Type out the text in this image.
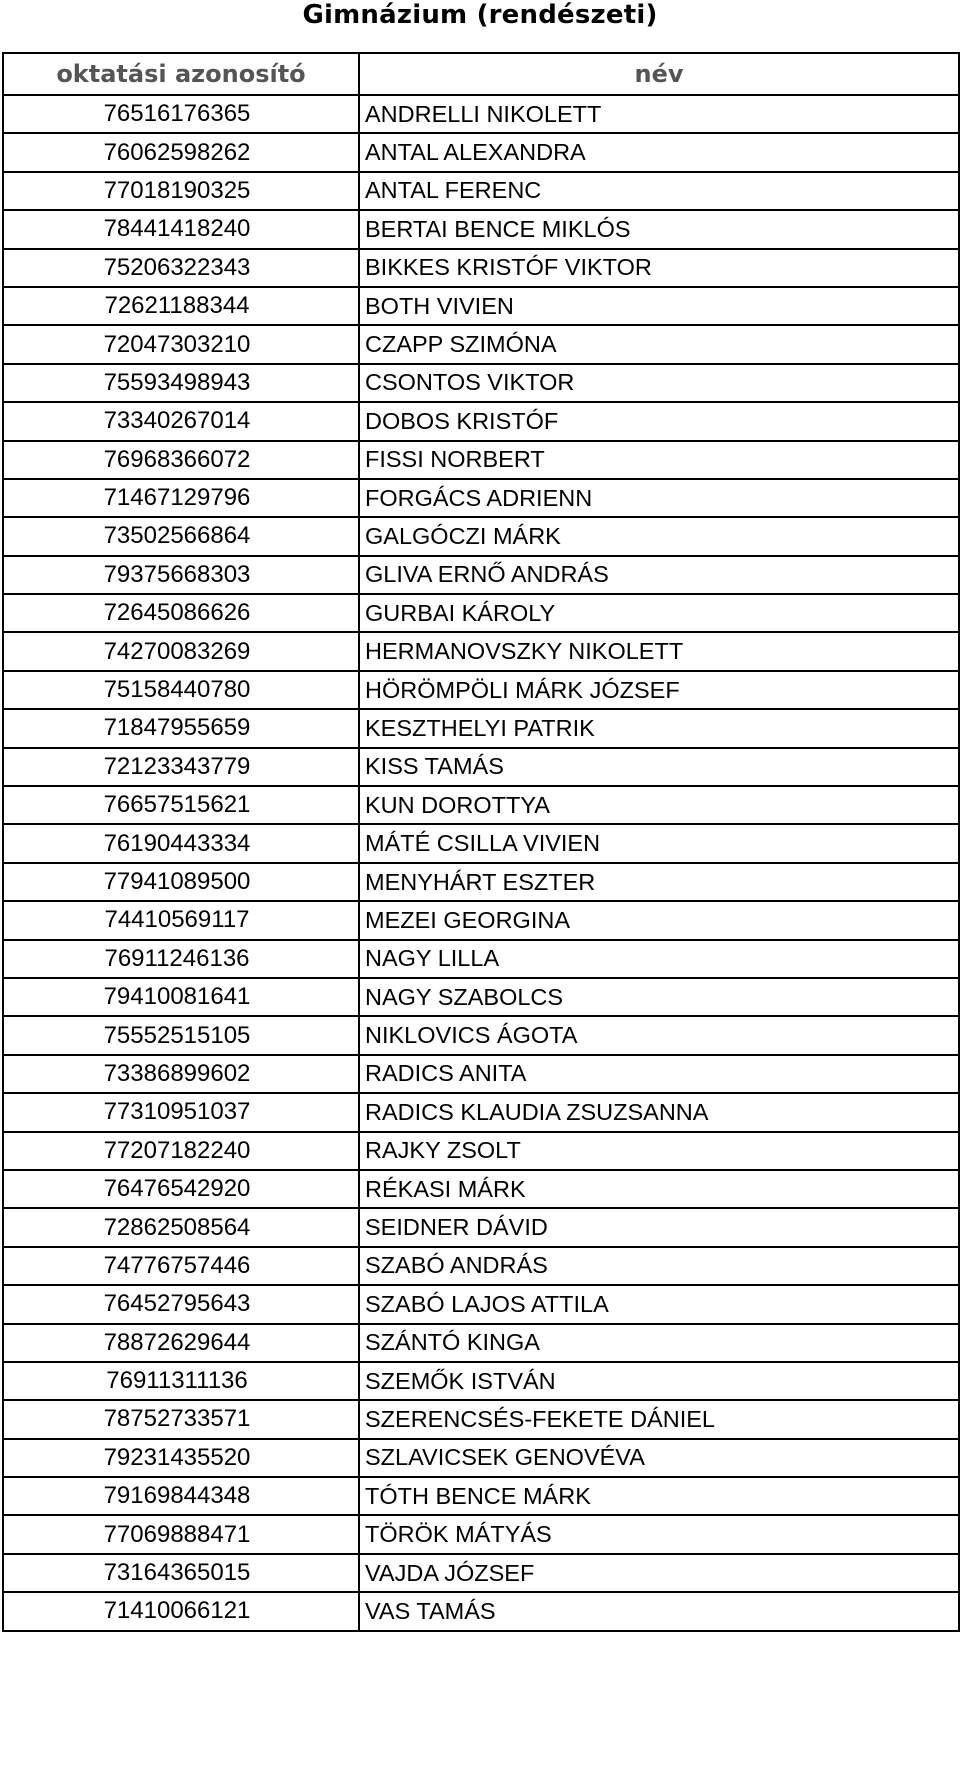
Gimnázium (rendészeti)
oktatási azonosító	név
76516176365	ANDRELLI NIKOLETT
76062598262	ANTAL ALEXANDRA
77018190325	ANTAL FERENC
78441418240	BERTAI BENCE MIKLÓS
75206322343	BIKKES KRISTÓF VIKTOR
72621188344	BOTH VIVIEN
72047303210	CZAPP SZIMÓNA
75593498943	CSONTOS VIKTOR
73340267014	DOBOS KRISTÓF
76968366072	FISSI NORBERT
71467129796	FORGÁCS ADRIENN
73502566864	GALGÓCZI MÁRK
79375668303	GLIVA ERNŐ ANDRÁS
72645086626	GURBAI KÁROLY
74270083269	HERMANOVSZKY NIKOLETT
75158440780	HÖRÖMPÖLI MÁRK JÓZSEF
71847955659	KESZTHELYI PATRIK
72123343779	KISS TAMÁS
76657515621	KUN DOROTTYA
76190443334	MÁTÉ CSILLA VIVIEN
77941089500	MENYHÁRT ESZTER
74410569117	MEZEI GEORGINA
76911246136	NAGY LILLA
79410081641	NAGY SZABOLCS
75552515105	NIKLOVICS ÁGOTA
73386899602	RADICS ANITA
77310951037	RADICS KLAUDIA ZSUZSANNA
77207182240	RAJKY ZSOLT
76476542920	RÉKASI MÁRK
72862508564	SEIDNER DÁVID
74776757446	SZABÓ ANDRÁS
76452795643	SZABÓ LAJOS ATTILA
78872629644	SZÁNTÓ KINGA
76911311136	SZEMŐK ISTVÁN
78752733571	SZERENCSÉS-FEKETE DÁNIEL
79231435520	SZLAVICSEK GENOVÉVA
79169844348	TÓTH BENCE MÁRK
77069888471	TÖRÖK MÁTYÁS
73164365015	VAJDA JÓZSEF
71410066121	VAS TAMÁS
